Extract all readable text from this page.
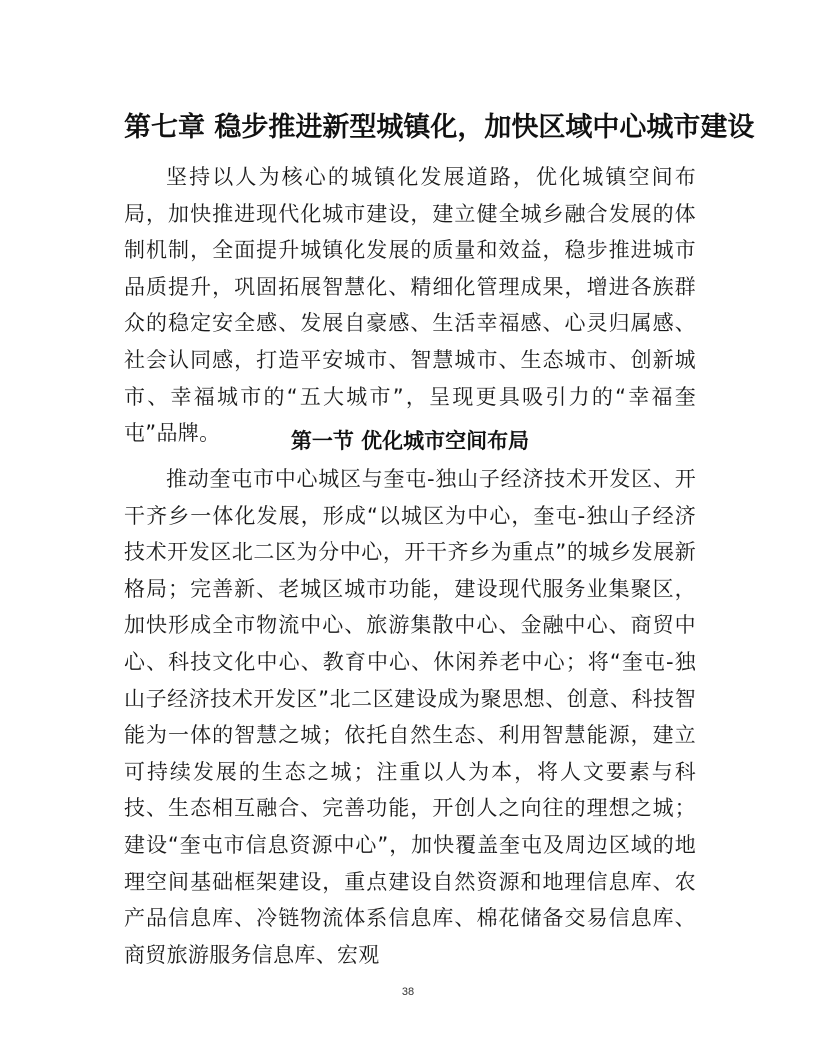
第七章 稳步推进新型城镇化，加快区域中心城市建设
坚持以人为核心的城镇化发展道路，优化城镇空间布局，加快推进现代化城市建设，建立健全城乡融合发展的体制机制，全面提升城镇化发展的质量和效益，稳步推进城市品质提升，巩固拓展智慧化、精细化管理成果，增进各族群众的稳定安全感、发展自豪感、生活幸福感、心灵归属感、社会认同感，打造平安城市、智慧城市、生态城市、创新城市、幸福城市的“五大城市”，呈现更具吸引力的“幸福奎屯”品牌。	第一节 优化城市空间布局
推动奎屯市中心城区与奎屯-独山子经济技术开发区、开干齐乡一体化发展，形成“以城区为中心，奎屯-独山子经济技术开发区北二区为分中心，开干齐乡为重点”的城乡发展新格局；完善新、老城区城市功能，建设现代服务业集聚区，加快形成全市物流中心、旅游集散中心、金融中心、商贸中心、科技文化中心、教育中心、休闲养老中心；将“奎屯-独山子经济技术开发区”北二区建设成为聚思想、创意、科技智能为一体的智慧之城；依托自然生态、利用智慧能源，建立可持续发展的生态之城；注重以人为本，将人文要素与科技、生态相互融合、完善功能，开创人之向往的理想之城；建设“奎屯市信息资源中心”，加快覆盖奎屯及周边区域的地理空间基础框架建设，重点建设自然资源和地理信息库、农产品信息库、冷链物流体系信息库、棉花储备交易信息库、商贸旅游服务信息库、宏观
38
